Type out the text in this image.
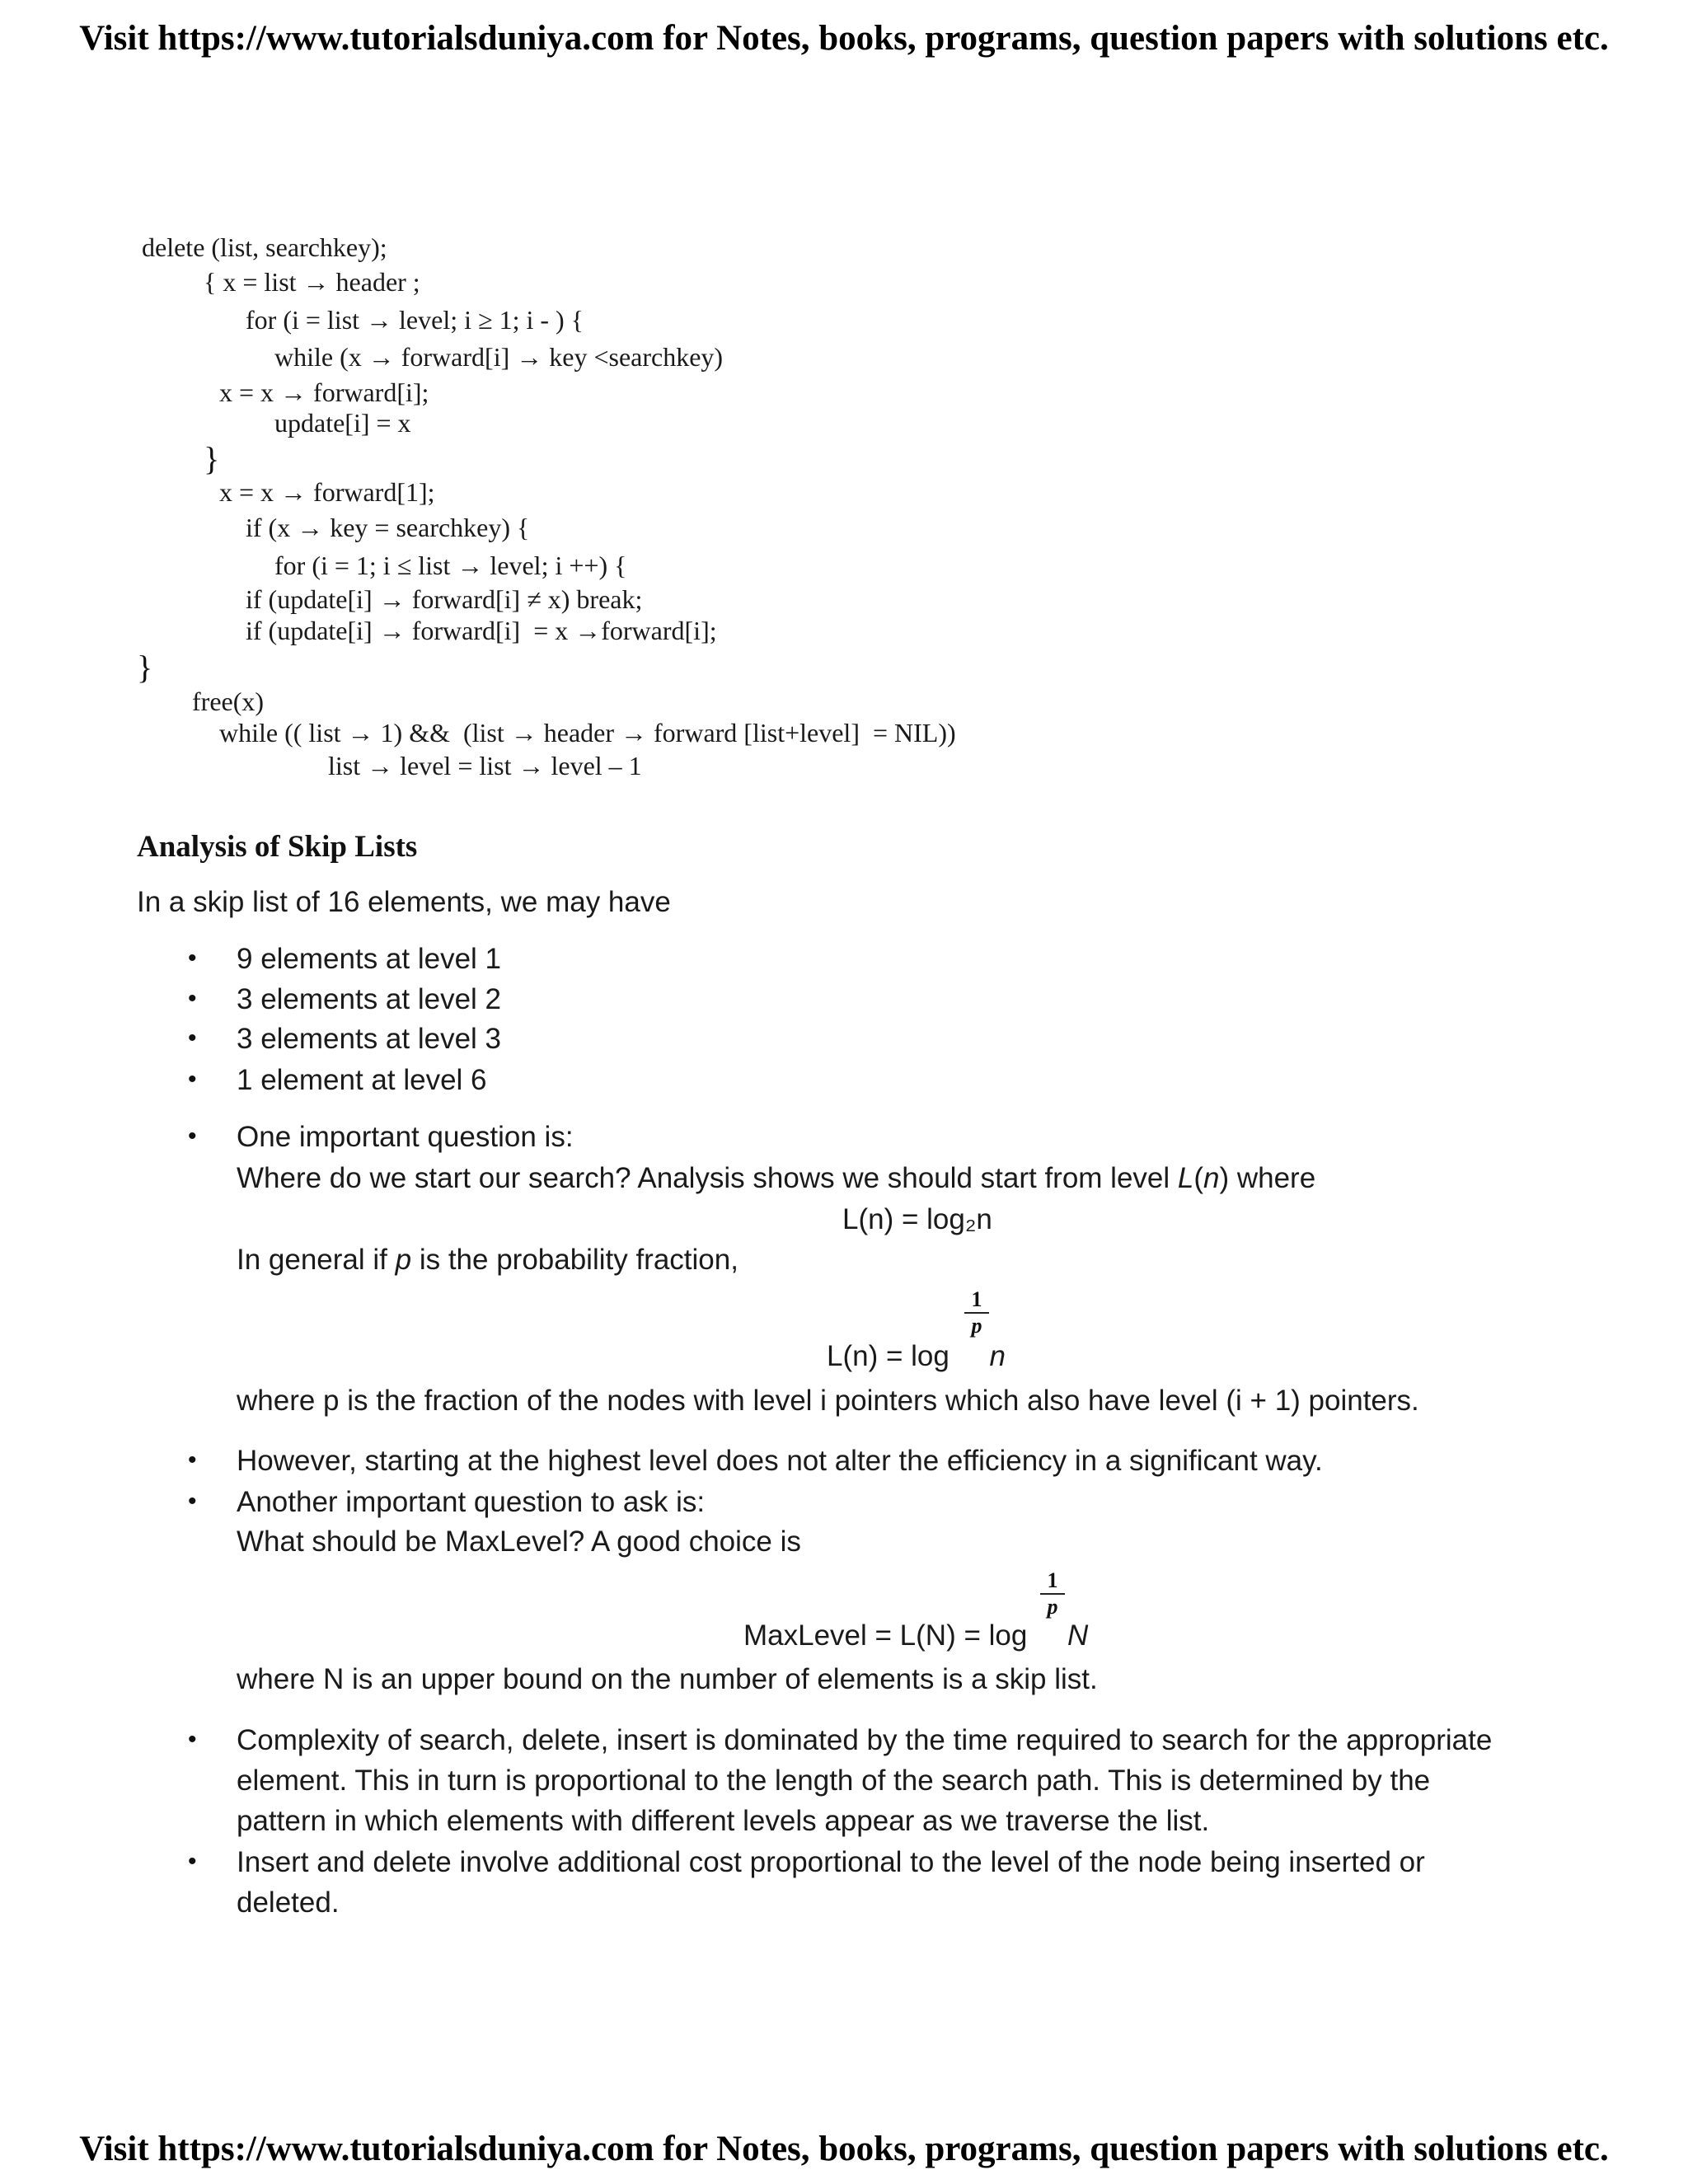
Visit https://www.tutorialsduniya.com for Notes, books, programs, question papers with solutions etc.
delete (list, searchkey);
{ x = list → header ;
for (i = list → level; i ≥ 1; i - ) {
while (x → forward[i] → key <searchkey)
x = x → forward[i];
update[i] = x
}
x = x → forward[1];
if (x → key = searchkey) {
for (i = 1; i ≤ list → level; i ++) {
if (update[i] → forward[i] ≠ x) break;
if (update[i] → forward[i]  = x →forward[i];
}
free(x)
while (( list → 1) &&  (list → header → forward [list+level]  = NIL))
list → level = list → level – 1
Analysis of Skip Lists
In a skip list of 16 elements, we may have
• 9 elements at level 1
• 3 elements at level 2
• 3 elements at level 3
• 1 element at level 6
• One important question is:
Where do we start our search? Analysis shows we should start from level L(n) where
L(n) = log₂n
In general if p is the probability fraction,
$\frac{1}{p}$
L(n) = log n
where p is the fraction of the nodes with level i pointers which also have level (i + 1) pointers.
• However, starting at the highest level does not alter the efficiency in a significant way.
• Another important question to ask is:
What should be MaxLevel? A good choice is
$\frac{1}{p}$
MaxLevel = L(N) = log N
where N is an upper bound on the number of elements is a skip list.
• Complexity of search, delete, insert is dominated by the time required to search for the appropriate
element. This in turn is proportional to the length of the search path. This is determined by the
pattern in which elements with different levels appear as we traverse the list.
• Insert and delete involve additional cost proportional to the level of the node being inserted or
deleted.
Visit https://www.tutorialsduniya.com for Notes, books, programs, question papers with solutions etc.
